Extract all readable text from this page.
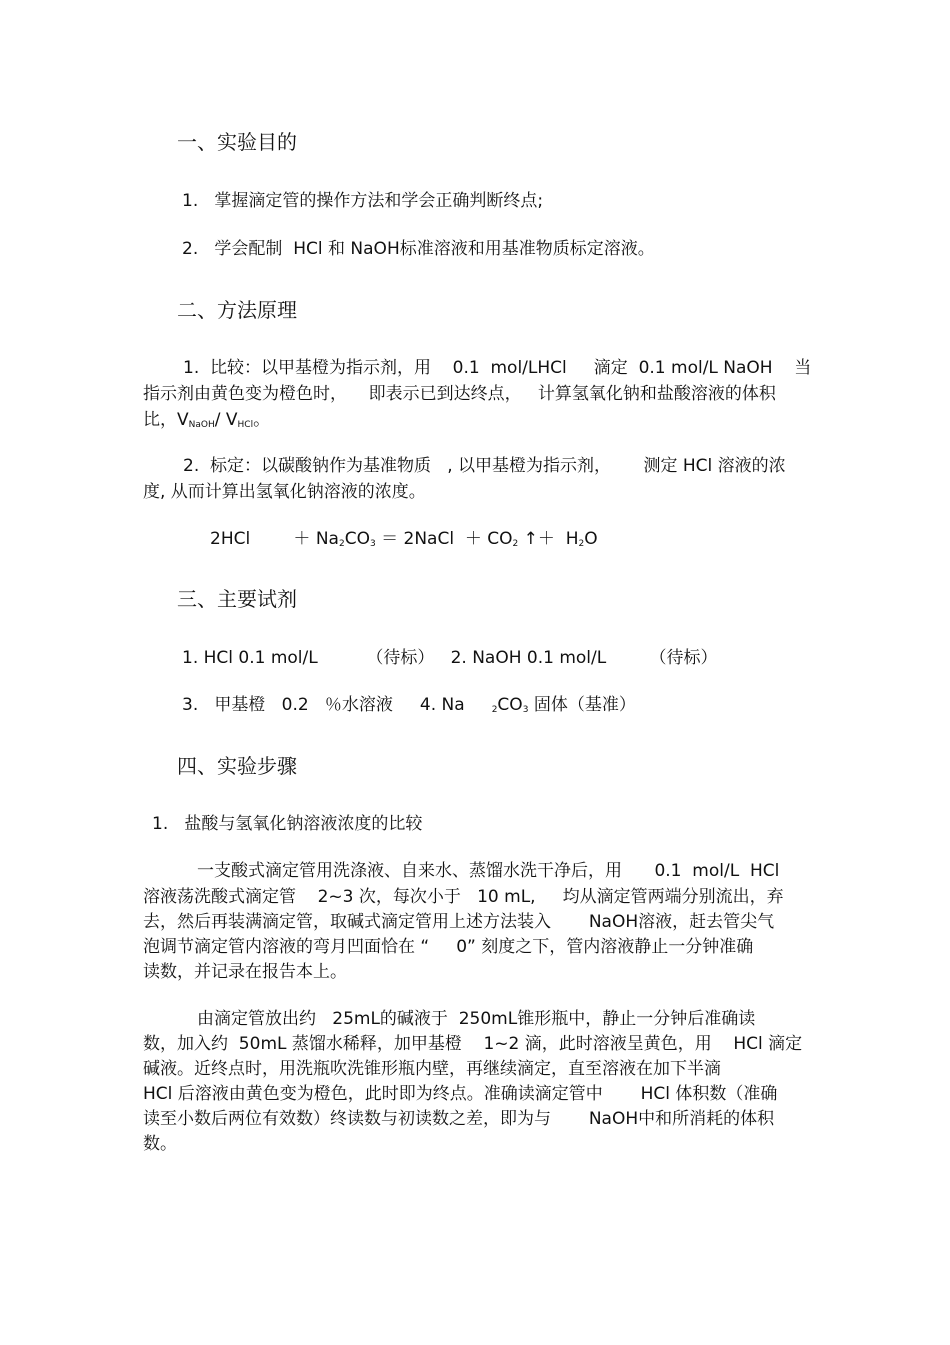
一、实验目的
1.   掌握滴定管的操作方法和学会正确判断终点;
2.   学会配制  HCl 和 NaOH标准溶液和用基准物质标定溶液。
二、方法原理
1.  比较：以甲基橙为指示剂，用    0.1  mol/LHCl     滴定  0.1 mol/L NaOH    当
指示剂由黄色变为橙色时，    即表示已到达终点，   计算氢氧化钠和盐酸溶液的体积
比，$V_{NaOH}/$ $V_{HCl}$。
2.  标定：以碳酸钠作为基准物质   , 以甲基橙为指示剂，      测定 HCl 溶液的浓
度, 从而计算出氢氧化钠溶液的浓度。
2HCl        ＋ $Na_2CO_3$ ＝ 2NaCl  ＋ $CO_2$ ↑＋  $H_2O$
三、主要试剂
1. HCl 0.1 mol/L         （待标）   2. NaOH 0.1 mol/L        （待标）
3.   甲基橙   0.2   ％水溶液     4. Na     $_2CO_3$ 固体（基准）
四、实验步骤
1.   盐酸与氢氧化钠溶液浓度的比较
一支酸式滴定管用洗涤液、自来水、蒸馏水洗干净后，用      0.1  mol/L  HCl
溶液荡洗酸式滴定管    2~3 次，每次小于   10 mL,     均从滴定管两端分别流出，弃
去，然后再装满滴定管，取碱式滴定管用上述方法装入       NaOH溶液，赶去管尖气
泡调节滴定管内溶液的弯月凹面恰在 “     0” 刻度之下，管内溶液静止一分钟准确
读数，并记录在报告本上。
由滴定管放出约   25mL的碱液于  250mL锥形瓶中，静止一分钟后准确读
数，加入约  50mL 蒸馏水稀释，加甲基橙    1~2 滴，此时溶液呈黄色，用    HCl 滴定
碱液。近终点时，用洗瓶吹洗锥形瓶内壁，再继续滴定，直至溶液在加下半滴
HCl 后溶液由黄色变为橙色，此时即为终点。准确读滴定管中       HCl 体积数（准确
读至小数后两位有效数）终读数与初读数之差，即为与       NaOH中和所消耗的体积
数。
